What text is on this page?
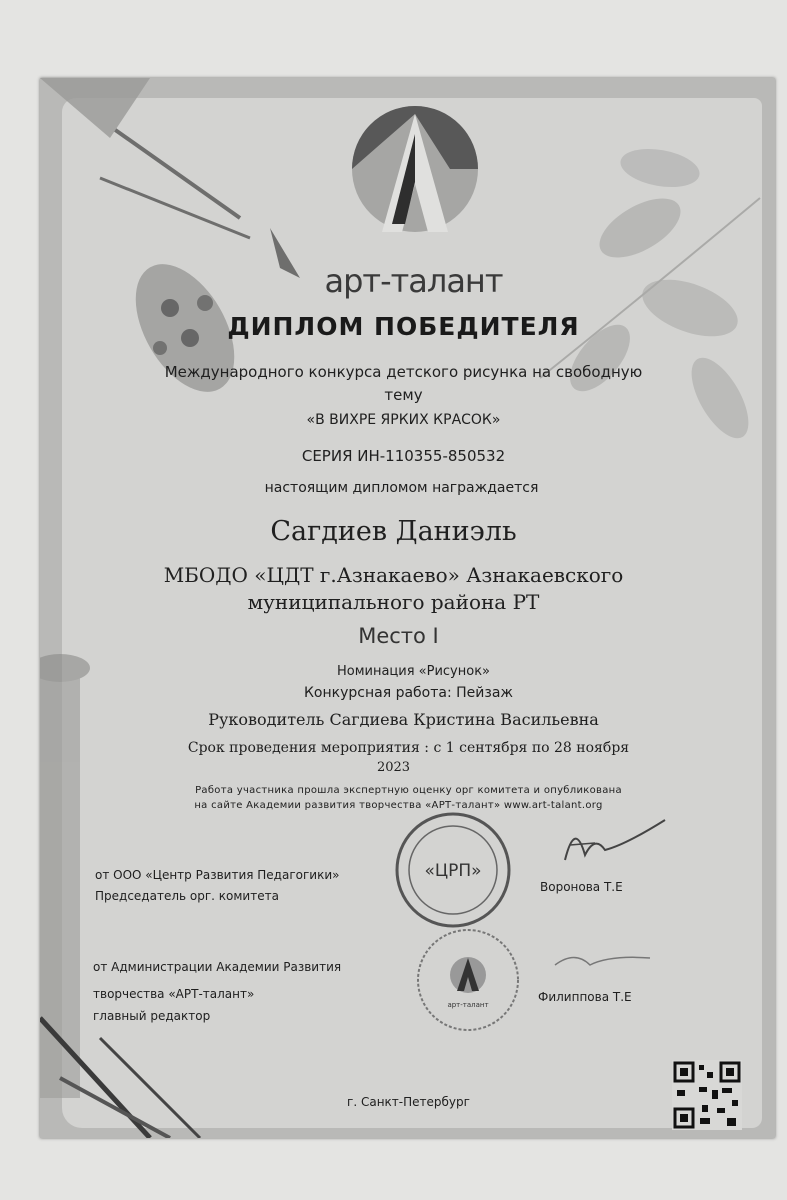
арт-талант
ДИПЛОМ ПОБЕДИТЕЛЯ
Международного конкурса детского рисунка на свободную
тему
«В ВИХРЕ ЯРКИХ КРАСОК»
СЕРИЯ ИН-110355-850532
настоящим дипломом награждается
Сагдиев Даниэль
МБОДО «ЦДТ г.Азнакаево» Азнакаевского
муниципального района РТ
Место I
Номинация «Рисунок»
Конкурсная работа: Пейзаж
Руководитель Сагдиева Кристина Васильевна
Срок проведения мероприятия : с 1 сентября по 28 ноября
2023
Работа участника прошла экспертную оценку орг комитета и опубликована
на сайте Академии развития творчества «АРТ-талант» www.art-talant.org
от ООО «Центр Развития Педагогики»
Председатель орг. комитета
Воронова Т.Е
«ЦРП»
от Администрации Академии Развития
творчества «АРТ-талант»
главный редактор
Филиппова Т.Е
арт-талант
г. Санкт-Петербург
